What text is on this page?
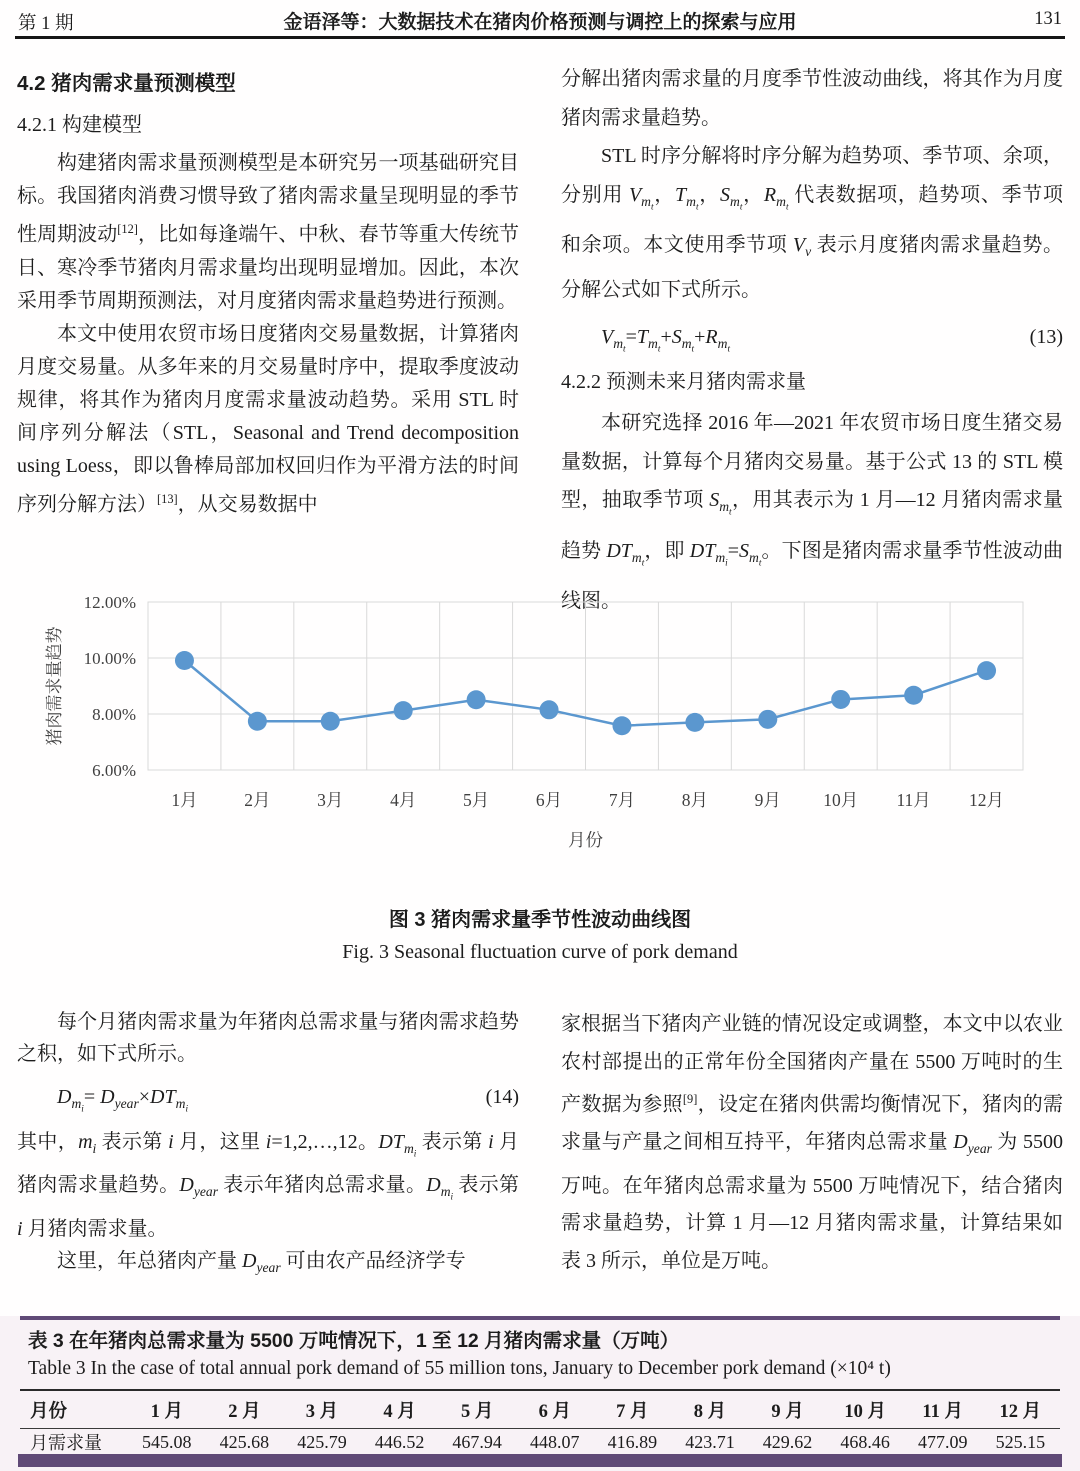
第 1 期	金语泽等：大数据技术在猪肉价格预测与调控上的探索与应用	131
4.2 猪肉需求量预测模型
4.2.1 构建模型

构建猪肉需求量预测模型是本研究另一项基础研究目标。我国猪肉消费习惯导致了猪肉需求量呈现明显的季节性周期波动[12]，比如每逢端午、中秋、春节等重大传统节日、寒冷季节猪肉月需求量均出现明显增加。因此，本次采用季节周期预测法，对月度猪肉需求量趋势进行预测。

本文中使用农贸市场日度猪肉交易量数据，计算猪肉月度交易量。从多年来的月交易量时序中，提取季度波动规律，将其作为猪肉月度需求量波动趋势。采用 STL 时间序列分解法（STL，Seasonal and Trend decomposition using Loess，即以鲁棒局部加权回归作为平滑方法的时间序列分解方法）[13]，从交易数据中

分解出猪肉需求量的月度季节性波动曲线，将其作为月度猪肉需求量趋势。

STL 时序分解将时序分解为趋势项、季节项、余项，分别用 $V_{m_t}$，$T_{m_t}$，$S_{m_t}$，$R_{m_t}$ 代表数据项，趋势项、季节项和余项。本文使用季节项 $V_v$ 表示月度猪肉需求量趋势。分解公式如下式所示。

$V_{m_t}=T_{m_t}+S_{m_t}+R_{m_t}$
(13)
4.2.2 预测未来月猪肉需求量

本研究选择 2016 年—2021 年农贸市场日度生猪交易量数据，计算每个月猪肉交易量。基于公式 13 的 STL 模型，抽取季节项 $S_{m_t}$，用其表示为 1 月—12 月猪肉需求量趋势 $DT_{m_t}$，即 $DT_{m_i}=S_{m_t}$。下图是猪肉需求量季节性波动曲线图。

6.00%
8.00%
10.00%
12.00%
1月	2月	3月	4月	5月	6月	7月	8月	9月 10月 11月 12月
猪肉需求量趋势
月份
图 3 猪肉需求量季节性波动曲线图
Fig. 3 Seasonal fluctuation curve of pork demand

每个月猪肉需求量为年猪肉总需求量与猪肉需求趋势之积，如下式所示。

$D_{m_i}= D_{year}\times DT_{m_i}$
(14)

其中，$m_i$ 表示第 i 月，这里 i=1,2,…,12。$DT_{m_i}$ 表示第 i 月猪肉需求量趋势。$D_{year}$ 表示年猪肉总需求量。$D_{m_i}$ 表示第 i 月猪肉需求量。

这里，年总猪肉产量 $D_{year}$ 可由农产品经济学专

家根据当下猪肉产业链的情况设定或调整，本文中以农业农村部提出的正常年份全国猪肉产量在 5500 万吨时的生产数据为参照[9]，设定在猪肉供需均衡情况下，猪肉的需求量与产量之间相互持平，年猪肉总需求量 $D_{year}$ 为 5500 万吨。在年猪肉总需求量为 5500 万吨情况下，结合猪肉需求量趋势，计算 1 月—12 月猪肉需求量，计算结果如表 3 所示，单位是万吨。

表 3 在年猪肉总需求量为 5500 万吨情况下，1 至 12 月猪肉需求量（万吨）
Table 3 In the case of total annual pork demand of 55 million tons, January to December pork demand (×10⁴ t)
月份	1 月	2 月	3 月	4 月	5 月	6 月	7 月	8 月	9 月	10 月	11 月	12 月
月需求量	545.08	425.68	425.79	446.52	467.94	448.07	416.89	423.71	429.62	468.46	477.09	525.15
